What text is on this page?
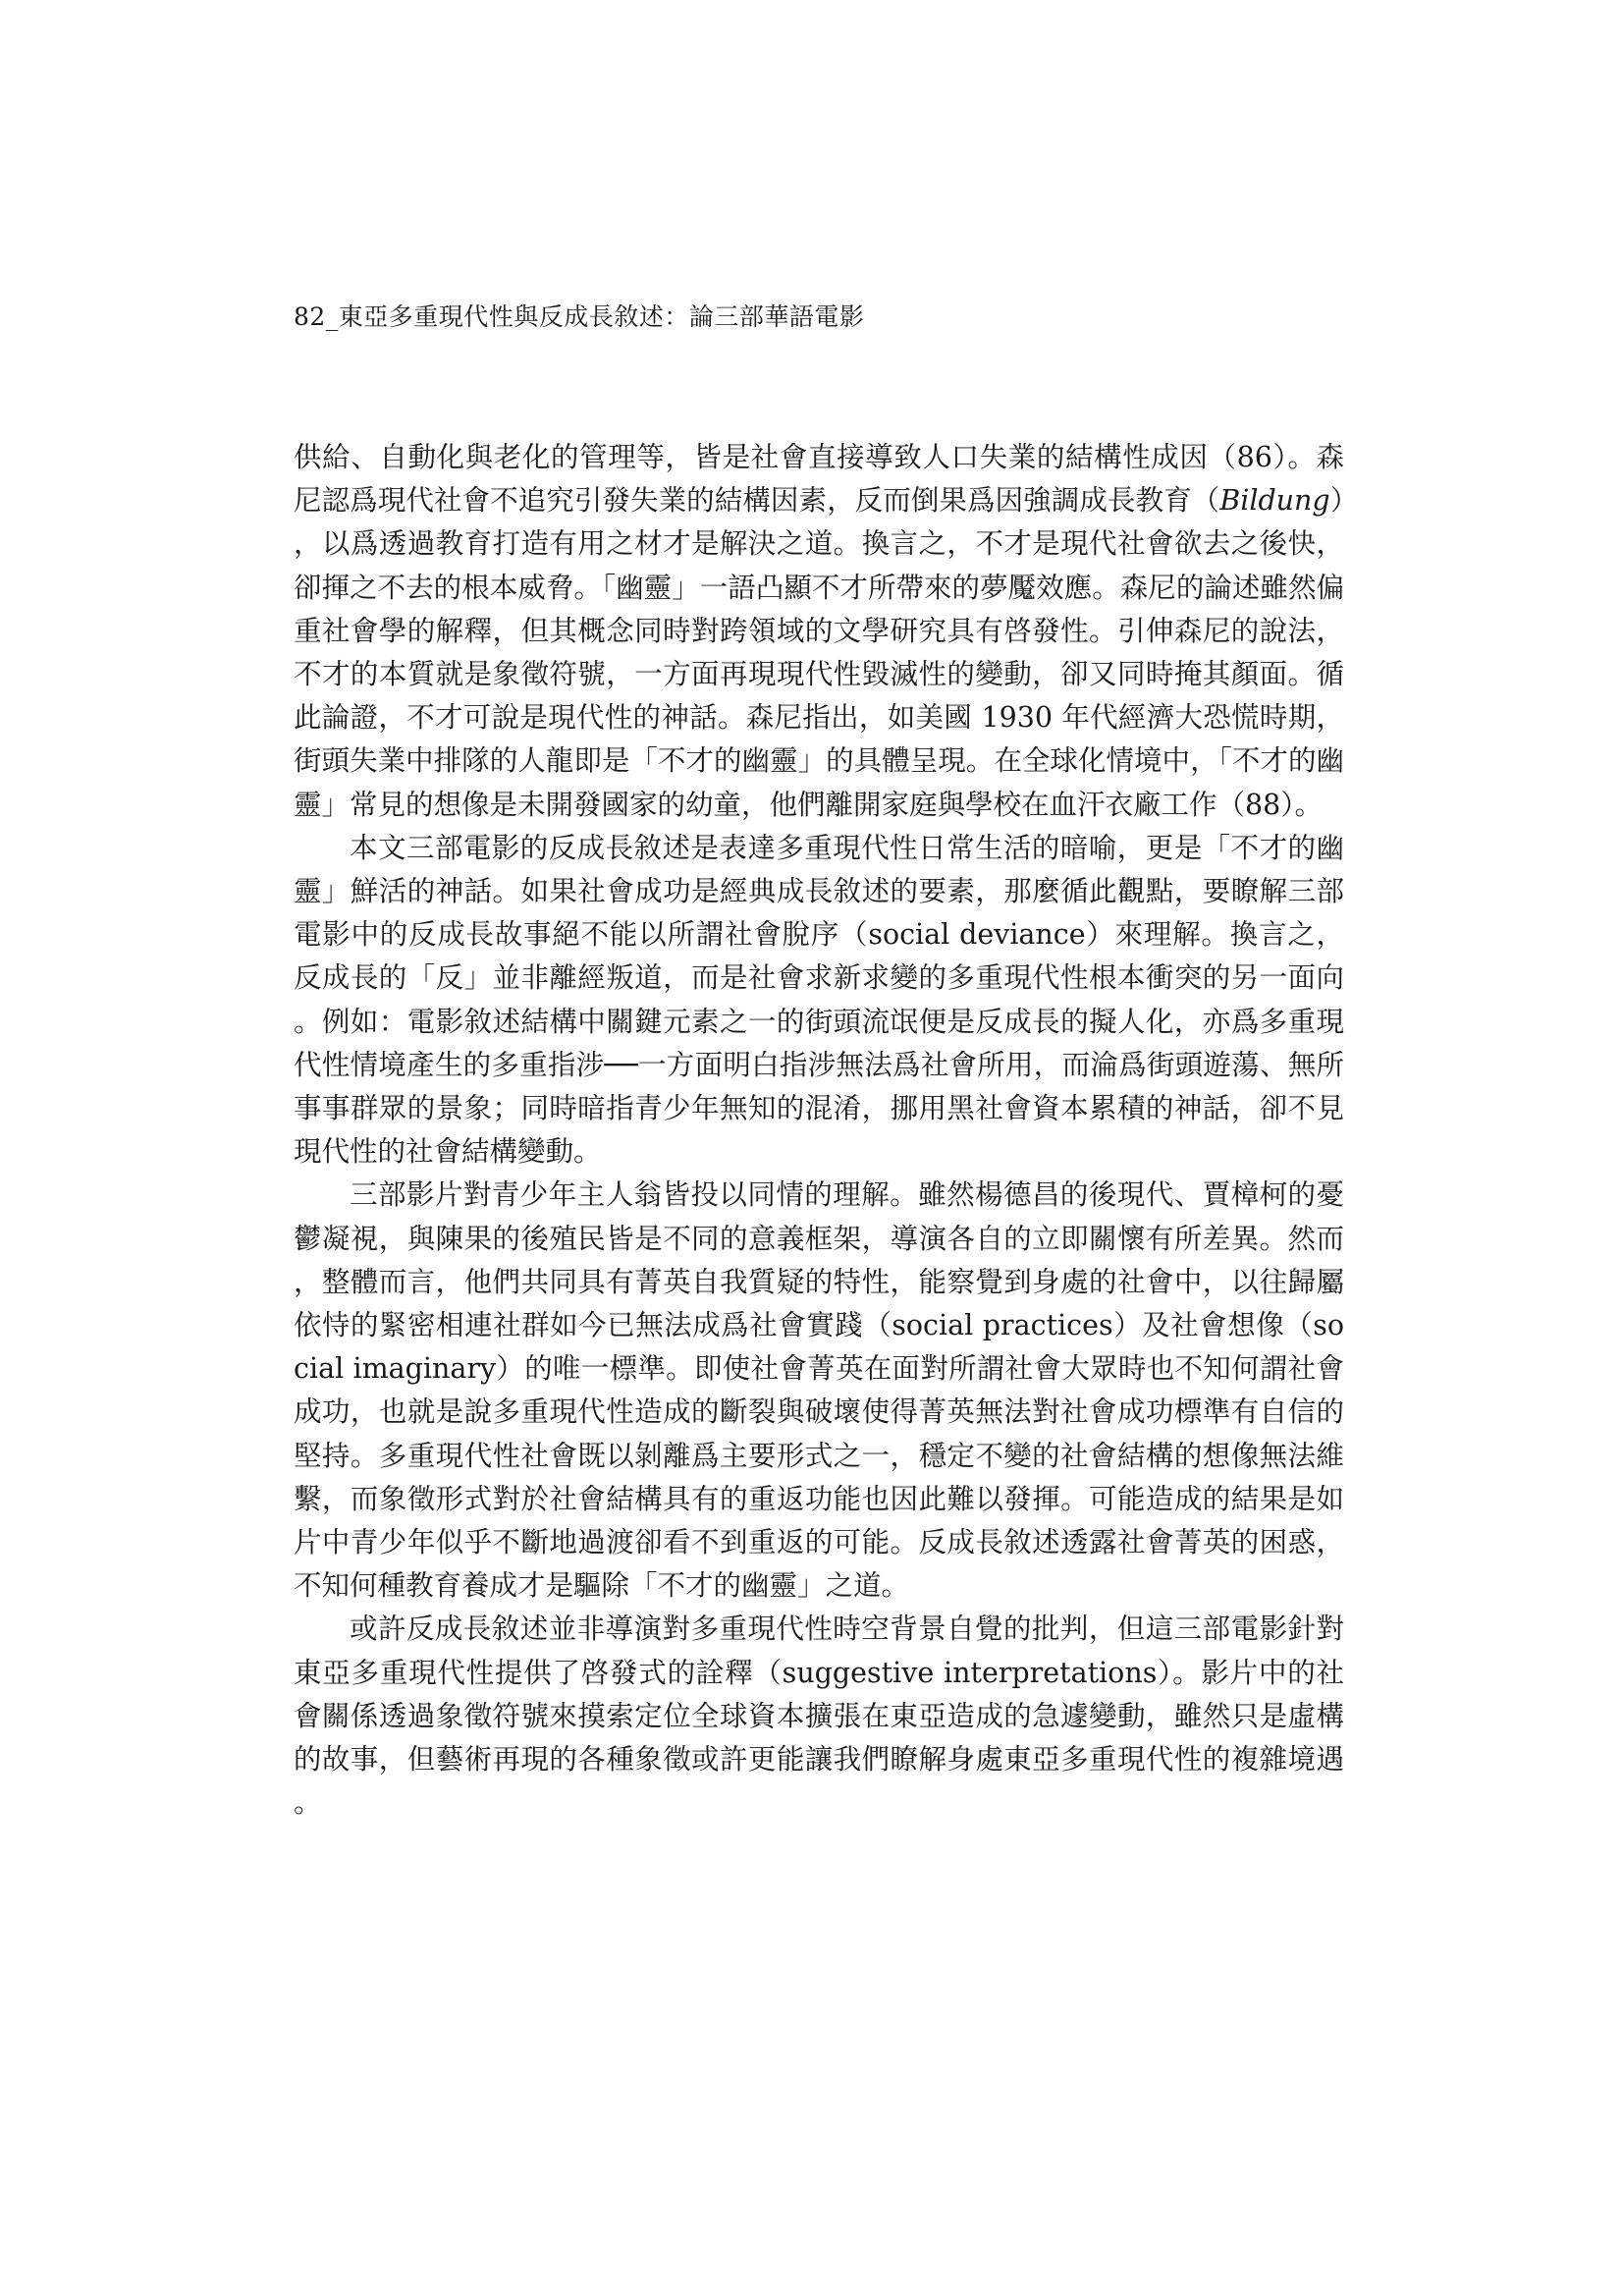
82_東亞多重現代性與反成長敘述：論三部華語電影

供給、自動化與老化的管理等，皆是社會直接導致人口失業的結構性成因（86）。森尼認爲現代社會不追究引發失業的結構因素，反而倒果爲因強調成長教育（Bildung），以爲透過教育打造有用之材才是解決之道。換言之，不才是現代社會欲去之後快，卻揮之不去的根本威脅。「幽靈」一語凸顯不才所帶來的夢魘效應。森尼的論述雖然偏重社會學的解釋，但其概念同時對跨領域的文學研究具有啓發性。引伸森尼的說法，不才的本質就是象徵符號，一方面再現現代性毀滅性的變動，卻又同時掩其顏面。循此論證，不才可說是現代性的神話。森尼指出，如美國 1930 年代經濟大恐慌時期，街頭失業中排隊的人龍即是「不才的幽靈」的具體呈現。在全球化情境中，「不才的幽靈」常見的想像是未開發國家的幼童，他們離開家庭與學校在血汗衣廠工作（88）。

本文三部電影的反成長敘述是表達多重現代性日常生活的暗喻，更是「不才的幽靈」鮮活的神話。如果社會成功是經典成長敘述的要素，那麼循此觀點，要瞭解三部電影中的反成長故事絕不能以所謂社會脫序（social deviance）來理解。換言之，反成長的「反」並非離經叛道，而是社會求新求變的多重現代性根本衝突的另一面向。例如：電影敘述結構中關鍵元素之一的街頭流氓便是反成長的擬人化，亦爲多重現代性情境產生的多重指涉──一方面明白指涉無法爲社會所用，而淪爲街頭遊蕩、無所事事群眾的景象；同時暗指青少年無知的混淆，挪用黑社會資本累積的神話，卻不見現代性的社會結構變動。

三部影片對青少年主人翁皆投以同情的理解。雖然楊德昌的後現代、賈樟柯的憂鬱凝視，與陳果的後殖民皆是不同的意義框架，導演各自的立即關懷有所差異。然而，整體而言，他們共同具有菁英自我質疑的特性，能察覺到身處的社會中，以往歸屬依恃的緊密相連社群如今已無法成爲社會實踐（social practices）及社會想像（social imaginary）的唯一標準。即使社會菁英在面對所謂社會大眾時也不知何謂社會成功，也就是說多重現代性造成的斷裂與破壞使得菁英無法對社會成功標準有自信的堅持。多重現代性社會既以剝離爲主要形式之一，穩定不變的社會結構的想像無法維繫，而象徵形式對於社會結構具有的重返功能也因此難以發揮。可能造成的結果是如片中青少年似乎不斷地過渡卻看不到重返的可能。反成長敘述透露社會菁英的困惑，不知何種教育養成才是驅除「不才的幽靈」之道。

或許反成長敘述並非導演對多重現代性時空背景自覺的批判，但這三部電影針對東亞多重現代性提供了啓發式的詮釋（suggestive interpretations）。影片中的社會關係透過象徵符號來摸索定位全球資本擴張在東亞造成的急遽變動，雖然只是虛構的故事，但藝術再現的各種象徵或許更能讓我們瞭解身處東亞多重現代性的複雜境遇。
